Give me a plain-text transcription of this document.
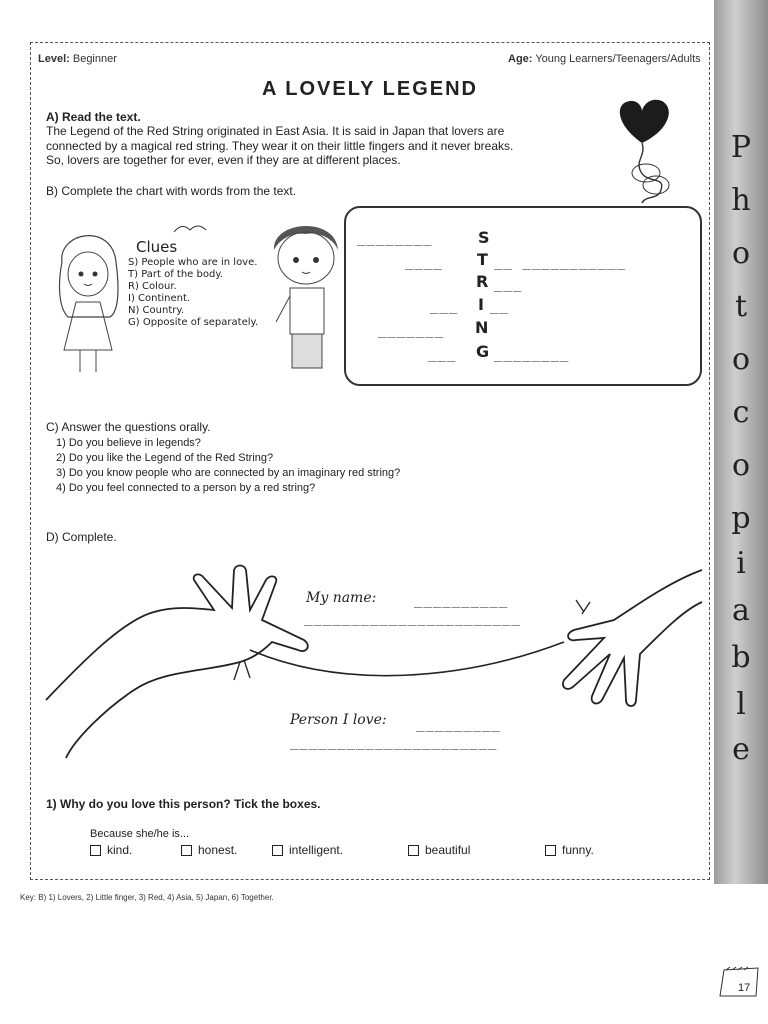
Level: Beginner	Age: Young Learners/Teenagers/Adults
A LOVELY LEGEND
A) Read the text.
The Legend of the Red String originated in East Asia. It is said in Japan that lovers are
connected by a magical red string. They wear it on their little fingers and it never breaks.
So, lovers are together for ever, even if they are at different places.
B) Complete the chart with words from the text.
Clues
S) People who are in love.
T) Part of the body.
R) Colour.
I) Continent.
N) Country.
G) Opposite of separately.
________	S
____ T __ ___________
R ___
___ I __
_______ N
___ G ________
C) Answer the questions orally.
1) Do you believe in legends?
2) Do you like the Legend of the Red String?
3) Do you know people who are connected by an imaginary red string?
4) Do you feel connected to a person by a red string?
D) Complete.
My name:	__________
_______________________
Person I love: _________
______________________
1) Why do you love this person? Tick the boxes.
Because she/he is...
kind.	honest.	intelligent.	beautiful	funny.
Key: B) 1) Lovers, 2) Little finger, 3) Red, 4) Asia, 5) Japan, 6) Together.
P
h
o
t
o
c
o
p
i
a
b
l
e
17
